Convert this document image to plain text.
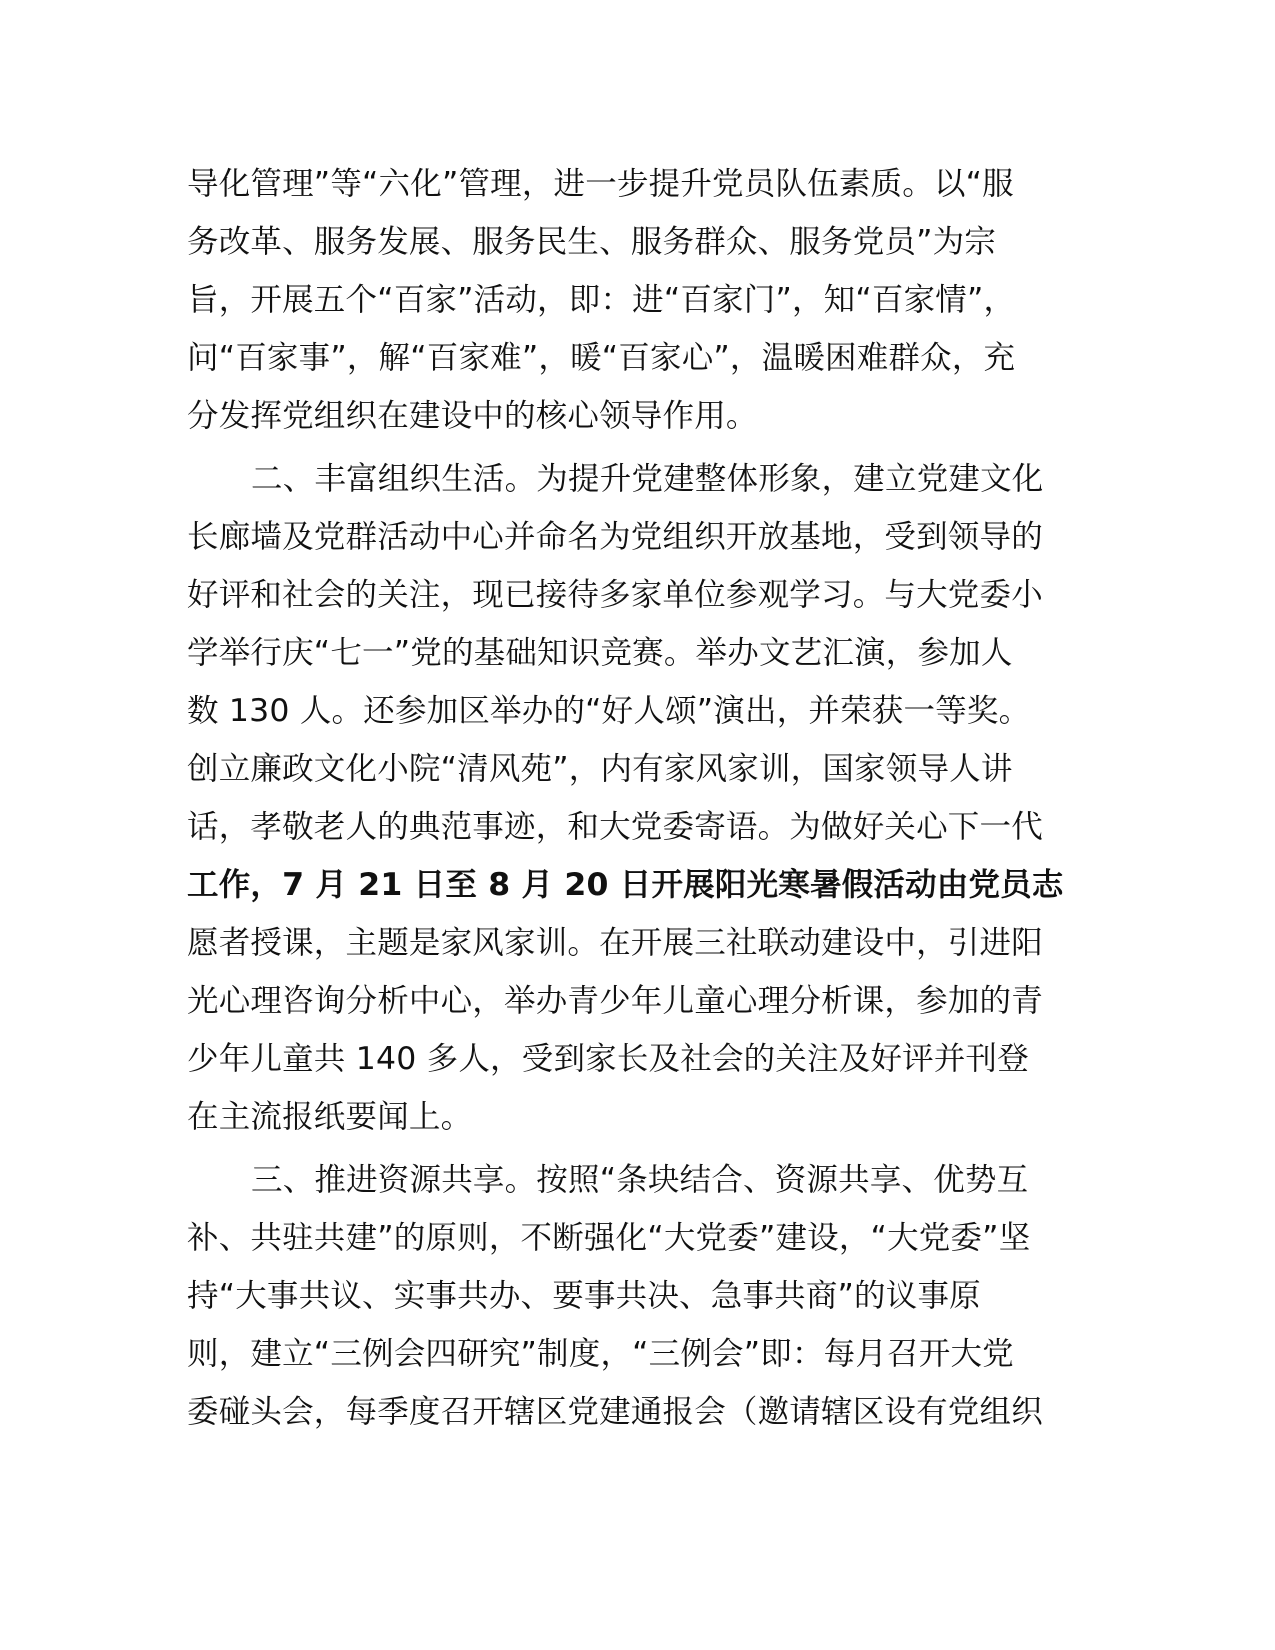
导化管理”等“六化”管理，进一步提升党员队伍素质。以“服
务改革、服务发展、服务民生、服务群众、服务党员”为宗
旨，开展五个“百家”活动，即：进“百家门”，知“百家情”，
问“百家事”，解“百家难”，暖“百家心”，温暖困难群众，充
分发挥党组织在建设中的核心领导作用。
二、丰富组织生活。为提升党建整体形象，建立党建文化
长廊墙及党群活动中心并命名为党组织开放基地，受到领导的
好评和社会的关注，现已接待多家单位参观学习。与大党委小
学举行庆“七一”党的基础知识竞赛。举办文艺汇演，参加人
数 130 人。还参加区举办的“好人颂”演出，并荣获一等奖。
创立廉政文化小院“清风苑”，内有家风家训，国家领导人讲
话，孝敬老人的典范事迹，和大党委寄语。为做好关心下一代
工作，7 月 21 日至 8 月 20 日开展阳光寒暑假活动由党员志
愿者授课，主题是家风家训。在开展三社联动建设中，引进阳
光心理咨询分析中心，举办青少年儿童心理分析课，参加的青
少年儿童共 140 多人，受到家长及社会的关注及好评并刊登
在主流报纸要闻上。
三、推进资源共享。按照“条块结合、资源共享、优势互
补、共驻共建”的原则，不断强化“大党委”建设，“大党委”坚
持“大事共议、实事共办、要事共决、急事共商”的议事原
则，建立“三例会四研究”制度，“三例会”即：每月召开大党
委碰头会，每季度召开辖区党建通报会（邀请辖区设有党组织
